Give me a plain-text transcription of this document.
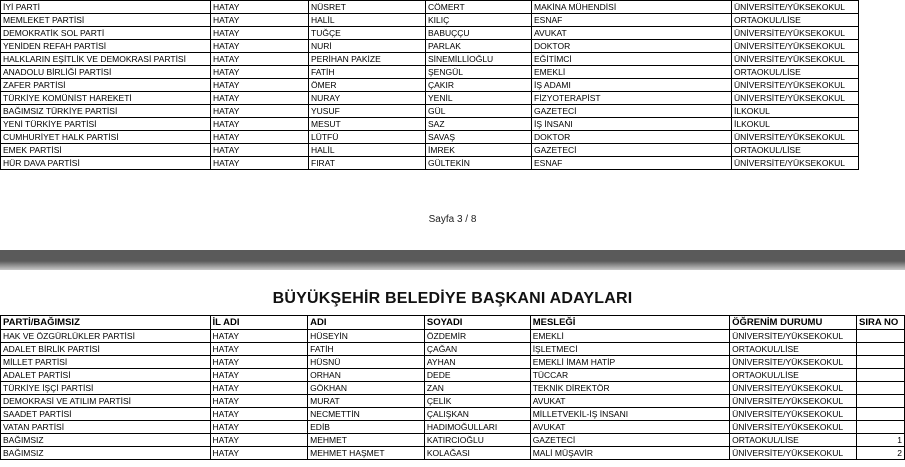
İYİ PARTİ	HATAY	NÜSRET	CÖMERT	MAKİNA MÜHENDİSİ	ÜNİVERSİTE/YÜKSEKOKUL
MEMLEKET PARTİSİ	HATAY	HALİL	KILIÇ	ESNAF	ORTAOKUL/LİSE
DEMOKRATİK SOL PARTİ	HATAY	TUĞÇE	BABUÇÇU	AVUKAT	ÜNİVERSİTE/YÜKSEKOKUL
YENİDEN REFAH PARTİSİ	HATAY	NURİ	PARLAK	DOKTOR	ÜNİVERSİTE/YÜKSEKOKUL
HALKLARIN EŞİTLİK VE DEMOKRASİ PARTİSİ	HATAY	PERİHAN PAKİZE	SİNEMİLLİOĞLU	EĞİTİMCİ	ÜNİVERSİTE/YÜKSEKOKUL
ANADOLU BİRLİĞİ PARTİSİ	HATAY	FATİH	ŞENGÜL	EMEKLİ	ORTAOKUL/LİSE
ZAFER PARTİSİ	HATAY	ÖMER	ÇAKIR	İŞ ADAMI	ÜNİVERSİTE/YÜKSEKOKUL
TÜRKİYE KOMÜNİST HAREKETİ	HATAY	NURAY	YENİL	FİZYOTERAPİST	ÜNİVERSİTE/YÜKSEKOKUL
BAĞIMSIZ TÜRKİYE PARTİSİ	HATAY	YUSUF	GÜL	GAZETECİ	İLKOKUL
YENİ TÜRKİYE PARTİSİ	HATAY	MESUT	SAZ	İŞ İNSANI	İLKOKUL
CUMHURİYET HALK PARTİSİ	HATAY	LÜTFÜ	SAVAŞ	DOKTOR	ÜNİVERSİTE/YÜKSEKOKUL
EMEK PARTİSİ	HATAY	HALİL	İMREK	GAZETECİ	ORTAOKUL/LİSE
HÜR DAVA PARTİSİ	HATAY	FIRAT	GÜLTEKİN	ESNAF	ÜNİVERSİTE/YÜKSEKOKUL
Sayfa 3 / 8
BÜYÜKŞEHİR BELEDİYE BAŞKANI ADAYLARI
PARTİ/BAĞIMSIZ	İL ADI	ADI	SOYADI	MESLEĞİ	ÖĞRENİM DURUMU	SIRA NO
HAK VE ÖZGÜRLÜKLER PARTİSİ	HATAY	HÜSEYİN	ÖZDEMİR	EMEKLİ	ÜNİVERSİTE/YÜKSEKOKUL	
ADALET BİRLİK PARTİSİ	HATAY	FATİH	ÇAĞAN	İŞLETMECİ	ORTAOKUL/LİSE	
MİLLET PARTİSİ	HATAY	HÜSNÜ	AYHAN	EMEKLİ İMAM HATİP	ÜNİVERSİTE/YÜKSEKOKUL	
ADALET PARTİSİ	HATAY	ORHAN	DEDE	TÜCCAR	ORTAOKUL/LİSE	
TÜRKİYE İŞÇİ PARTİSİ	HATAY	GÖKHAN	ZAN	TEKNİK DİREKTÖR	ÜNİVERSİTE/YÜKSEKOKUL	
DEMOKRASİ VE ATILIM PARTİSİ	HATAY	MURAT	ÇELİK	AVUKAT	ÜNİVERSİTE/YÜKSEKOKUL	
SAADET PARTİSİ	HATAY	NECMETTİN	ÇALIŞKAN	MİLLETVEKİL-İŞ İNSANI	ÜNİVERSİTE/YÜKSEKOKUL	
VATAN PARTİSİ	HATAY	EDİB	HADIMOĞULLARI	AVUKAT	ÜNİVERSİTE/YÜKSEKOKUL	
BAĞIMSIZ	HATAY	MEHMET	KATIRCIOĞLU	GAZETECİ	ORTAOKUL/LİSE	1
BAĞIMSIZ	HATAY	MEHMET HAŞMET	KOLAĞASI	MALİ MÜŞAVİR	ÜNİVERSİTE/YÜKSEKOKUL	2
